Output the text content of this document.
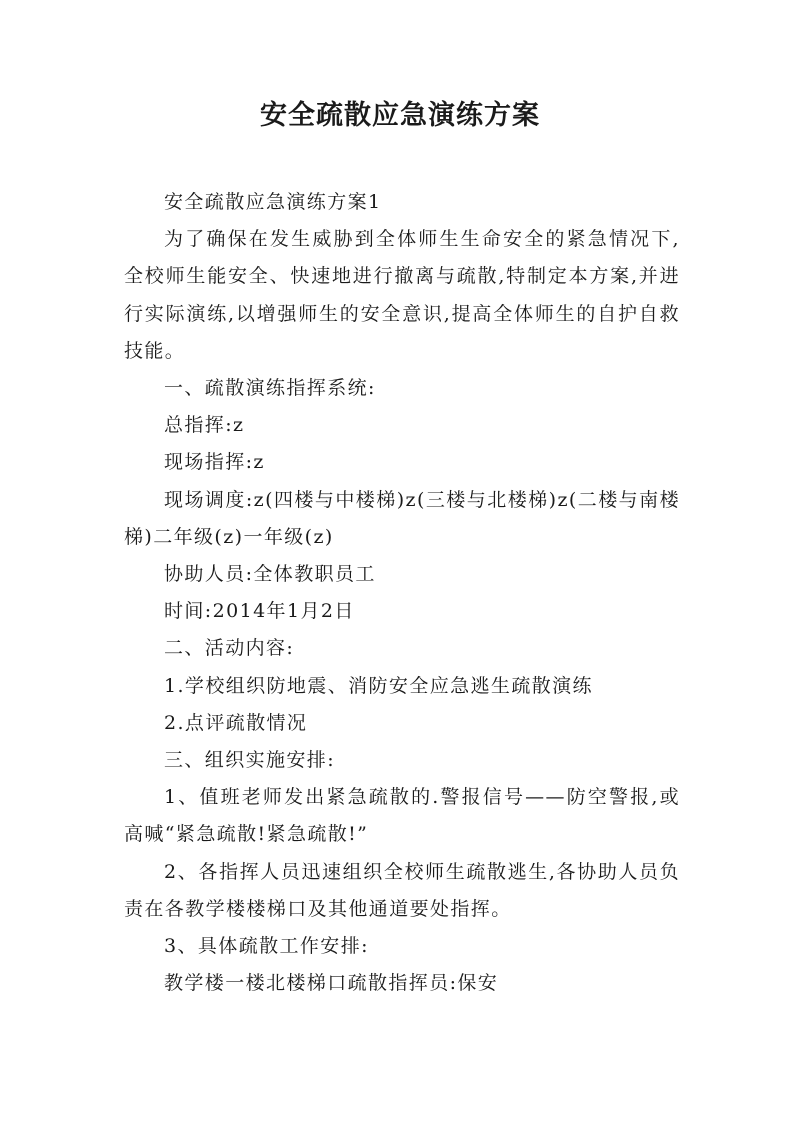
安全疏散应急演练方案

安全疏散应急演练方案1

为了确保在发生威胁到全体师生生命安全的紧急情况下,全校师生能安全、快速地进行撤离与疏散,特制定本方案,并进行实际演练,以增强师生的安全意识,提高全体师生的自护自救技能。

一、疏散演练指挥系统:

总指挥:z

现场指挥:z

现场调度:z(四楼与中楼梯)z(三楼与北楼梯)z(二楼与南楼梯)二年级(z)一年级(z)

协助人员:全体教职员工

时间:2014年1月2日

二、活动内容:

1.学校组织防地震、消防安全应急逃生疏散演练

2.点评疏散情况

三、组织实施安排:

1、值班老师发出紧急疏散的.警报信号——防空警报,或高喊“紧急疏散!紧急疏散!”

2、各指挥人员迅速组织全校师生疏散逃生,各协助人员负责在各教学楼楼梯口及其他通道要处指挥。

3、具体疏散工作安排:

教学楼一楼北楼梯口疏散指挥员:保安
